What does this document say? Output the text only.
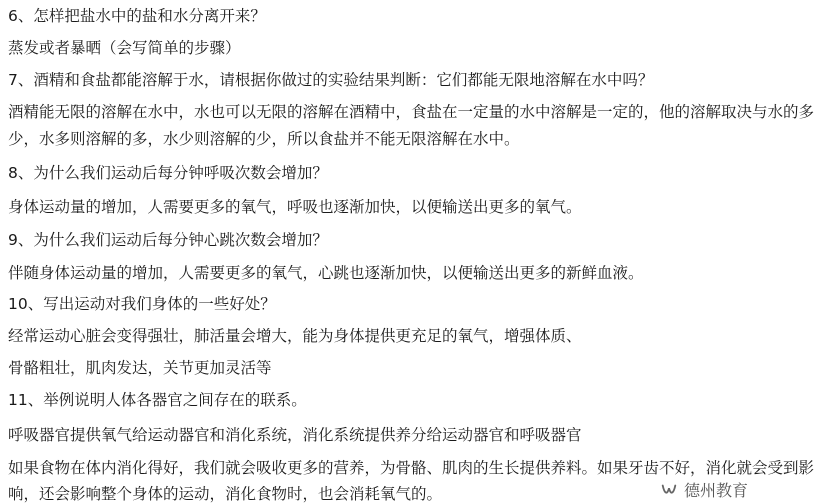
6、怎样把盐水中的盐和水分离开来？
蒸发或者暴晒（会写简单的步骤）
7、酒精和食盐都能溶解于水，请根据你做过的实验结果判断：它们都能无限地溶解在水中吗？
酒精能无限的溶解在水中，水也可以无限的溶解在酒精中，食盐在一定量的水中溶解是一定的，他的溶解取决与水的多
少，水多则溶解的多，水少则溶解的少，所以食盐并不能无限溶解在水中。
8、为什么我们运动后每分钟呼吸次数会增加？
身体运动量的增加，人需要更多的氧气，呼吸也逐渐加快，以便输送出更多的氧气。
9、为什么我们运动后每分钟心跳次数会增加？
伴随身体运动量的增加，人需要更多的氧气，心跳也逐渐加快，以便输送出更多的新鲜血液。
10、写出运动对我们身体的一些好处？
经常运动心脏会变得强壮，肺活量会增大，能为身体提供更充足的氧气，增强体质、
骨骼粗壮，肌肉发达，关节更加灵活等
11、举例说明人体各器官之间存在的联系。
呼吸器官提供氧气给运动器官和消化系统，消化系统提供养分给运动器官和呼吸器官
如果食物在体内消化得好，我们就会吸收更多的营养，为骨骼、肌肉的生长提供养料。如果牙齿不好，消化就会受到影
响，还会影响整个身体的运动，消化食物时，也会消耗氧气的。	德州教育
